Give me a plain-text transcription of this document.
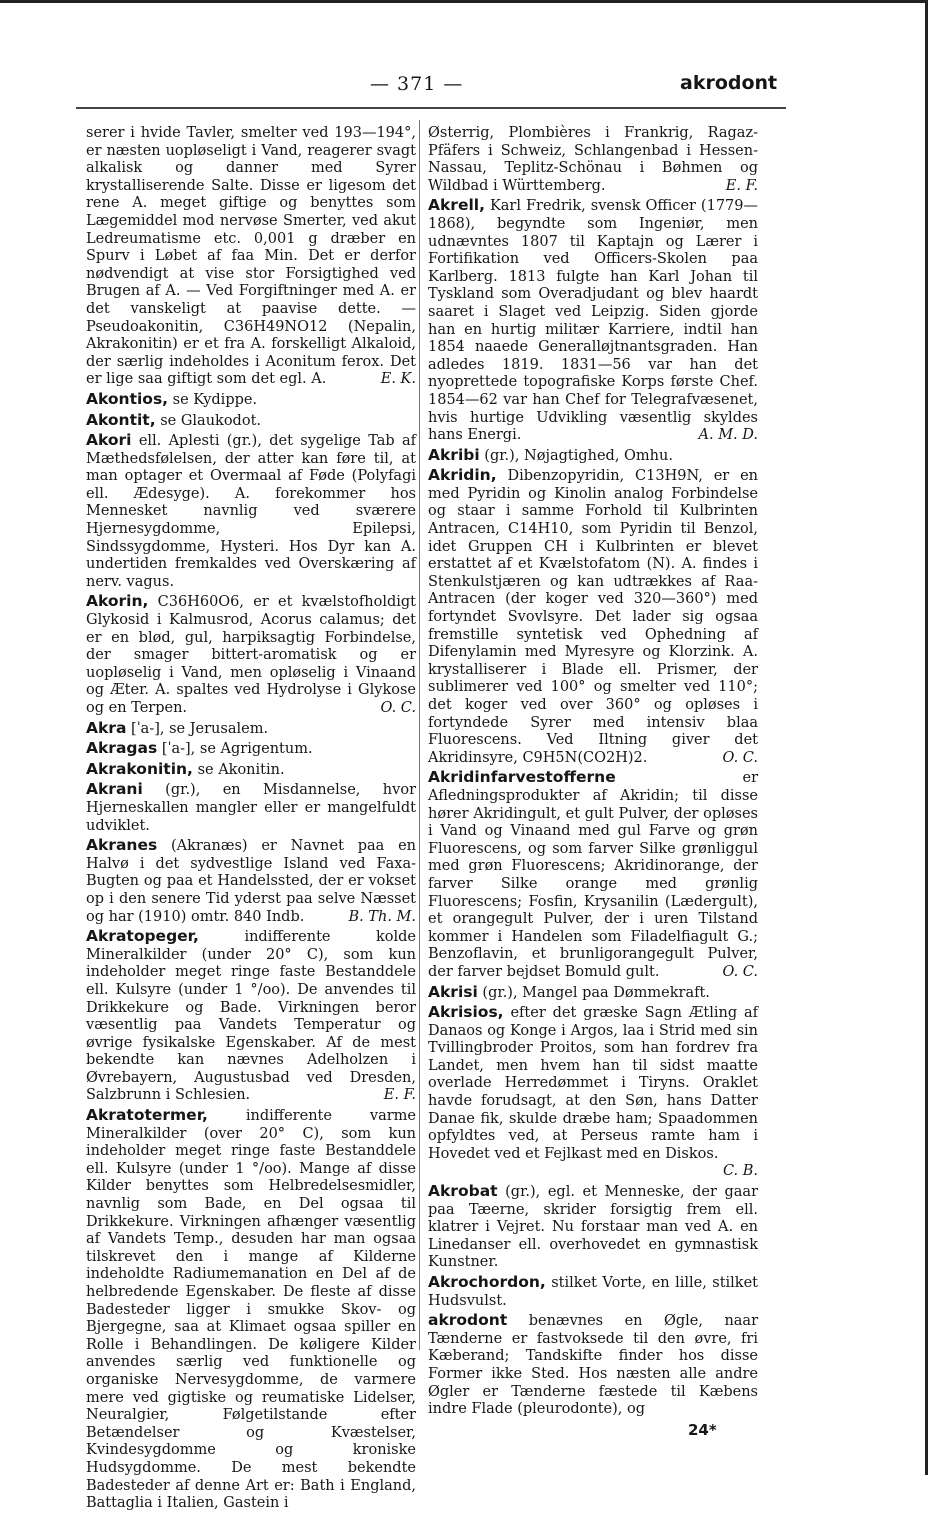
— 371 —	akrodont

serer i hvide Tavler, smelter ved 193—194°, er næsten uopløseligt i Vand, reagerer svagt alkalisk og danner med Syrer krystalliserende Salte. Disse er ligesom det rene A. meget giftige og benyttes som Lægemiddel mod nervøse Smerter, ved akut Ledreumatisme etc. 0,001 g dræber en Spurv i Løbet af faa Min. Det er derfor nødvendigt at vise stor Forsigtighed ved Brugen af A. — Ved Forgiftninger med A. er det vanskeligt at paavise dette. — Pseudoakonitin, C36H49NO12 (Nepalin, Akrakonitin) er et fra A. forskelligt Alkaloid, der særlig indeholdes i Aconitum ferox. Det er lige saa giftigt som det egl. A.	E. K.

Akontios, se Kydippe.

Akontit, se Glaukodot.

Akori ell. Aplesti (gr.), det sygelige Tab af Mæthedsfølelsen, der atter kan føre til, at man optager et Overmaal af Føde (Polyfagi ell. Ædesyge). A. forekommer hos Mennesket navnlig ved sværere Hjernesygdomme, Epilepsi, Sindssygdomme, Hysteri. Hos Dyr kan A. undertiden fremkaldes ved Overskæring af nerv. vagus.

Akorin, C36H60O6, er et kvælstofholdigt Glykosid i Kalmusrod, Acorus calamus; det er en blød, gul, harpiksagtig Forbindelse, der smager bittert-aromatisk og er uopløselig i Vand, men opløselig i Vinaand og Æter. A. spaltes ved Hydrolyse i Glykose og en Terpen.	O. C.

Akra [ˈa-], se Jerusalem.

Akragas [ˈa-], se Agrigentum.

Akrakonitin, se Akonitin.

Akrani (gr.), en Misdannelse, hvor Hjerneskallen mangler eller er mangelfuldt udviklet.

Akranes (Akranæs) er Navnet paa en Halvø i det sydvestlige Island ved Faxa-Bugten og paa et Handelssted, der er vokset op i den senere Tid yderst paa selve Næsset og har (1910) omtr. 840 Indb.	B. Th. M.

Akratopeger,	indifferente kolde Mineralkilder (under 20° C), som kun indeholder meget ringe faste Bestanddele ell. Kulsyre (under 1 °/oo). De anvendes til Drikkekure og Bade. Virkningen beror væsentlig paa Vandets Temperatur og øvrige fysikalske Egenskaber. Af de mest bekendte kan nævnes Adelholzen i Øvrebayern, Augustusbad ved Dresden, Salzbrunn i Schlesien.	E. F.

Akratotermer,	indifferente varme Mineralkilder (over 20° C), som kun indeholder meget ringe faste Bestanddele ell. Kulsyre (under 1 °/oo). Mange af disse Kilder benyttes som Helbredelsesmidler, navnlig som Bade, en Del ogsaa til Drikkekure. Virkningen afhænger væsentlig af Vandets Temp., desuden har man ogsaa tilskrevet den i mange af Kilderne indeholdte Radiumemanation en Del af de helbredende Egenskaber. De fleste af disse Badesteder ligger i smukke Skov- og Bjergegne, saa at Klimaet ogsaa spiller en Rolle i Behandlingen. De køligere Kilder anvendes særlig ved funktionelle og organiske Nervesygdomme, de varmere mere ved gigtiske og reumatiske Lidelser, Neuralgier, Følgetilstande efter Betændelser og Kvæstelser, Kvindesygdomme og kroniske Hudsygdomme. De mest bekendte Badesteder af denne Art er: Bath i England, Battaglia i Italien, Gastein i

Østerrig, Plombières i Frankrig, Ragaz-Pfäfers i Schweiz, Schlangenbad i Hessen-Nassau, Teplitz-Schönau i Bøhmen og Wildbad i Württemberg.	E. F.

Akrell, Karl Fredrik, svensk Officer (1779—1868), begyndte som Ingeniør, men udnævntes 1807 til Kaptajn og Lærer i Fortifikation ved Officers-Skolen paa Karlberg. 1813 fulgte han Karl Johan til Tyskland som Overadjudant og blev haardt saaret i Slaget ved Leipzig. Siden gjorde han en hurtig militær Karriere, indtil han 1854 naaede Generalløjtnantsgraden. Han adledes 1819. 1831—56 var han det nyoprettede topografiske Korps første Chef. 1854—62 var han Chef for Telegrafvæsenet, hvis hurtige Udvikling væsentlig skyldes hans Energi.	A. M. D.

Akribi (gr.), Nøjagtighed, Omhu.

Akridin, Dibenzopyridin, C13H9N, er en med Pyridin og Kinolin analog Forbindelse og staar i samme Forhold til Kulbrinten Antracen, C14H10, som Pyridin til Benzol, idet Gruppen CH i Kulbrinten er blevet erstattet af et Kvælstofatom (N). A. findes i Stenkulstjæren og kan udtrækkes af Raa-Antracen (der koger ved 320—360°) med fortyndet Svovlsyre. Det lader sig ogsaa fremstille syntetisk ved Ophedning af Difenylamin med Myresyre og Klorzink. A. krystalliserer i Blade ell. Prismer, der sublimerer ved 100° og smelter ved 110°; det koger ved over 360° og opløses i fortyndede Syrer med intensiv blaa Fluorescens. Ved Iltning giver det Akridinsyre, C9H5N(CO2H)2.	O. C.

Akridinfarvestofferne	er Afledningsprodukter af Akridin; til disse hører Akridingult, et gult Pulver, der opløses i Vand og Vinaand med gul Farve og grøn Fluorescens, og som farver Silke grønliggul med grøn Fluorescens; Akridinorange, der farver Silke orange med grønlig Fluorescens; Fosfin, Krysanilin (Lædergult), et orangegult Pulver, der i uren Tilstand kommer i Handelen som Filadelfiagult G.; Benzoflavin, et brunligorangegult Pulver, der farver bejdset Bomuld gult.	O. C.

Akrisi (gr.), Mangel paa Dømmekraft.

Akrisios, efter det græske Sagn Ætling af Danaos og Konge i Argos, laa i Strid med sin Tvillingbroder Proitos, som han fordrev fra Landet, men hvem han til sidst maatte overlade Herredømmet i Tiryns. Oraklet havde forudsagt, at den Søn, hans Datter Danae fik, skulde dræbe ham; Spaadommen opfyldtes ved, at Perseus ramte ham i Hovedet ved et Fejlkast med en Diskos.
C. B.

Akrobat (gr.), egl. et Menneske, der gaar paa Tæerne, skrider forsigtig frem ell. klatrer i Vejret. Nu forstaar man ved A. en Linedanser ell. overhovedet en gymnastisk Kunstner.

Akrochordon, stilket Vorte, en lille, stilket Hudsvulst.

akrodont benævnes en Øgle, naar Tænderne er fastvoksede til den øvre, fri Kæberand; Tandskifte finder hos disse Former ikke Sted. Hos næsten alle andre Øgler er Tænderne fæstede til Kæbens indre Flade (pleurodonte), og

24*
